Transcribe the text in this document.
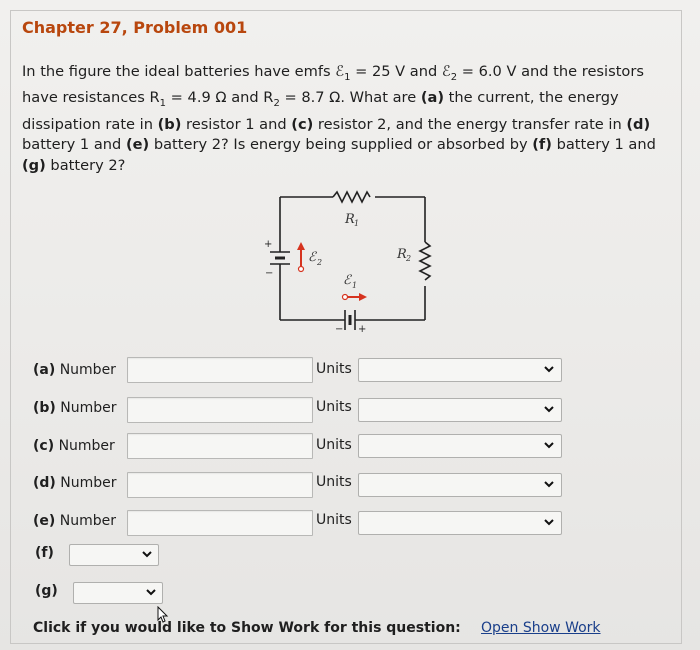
Chapter 27, Problem 001
In the figure the ideal batteries have emfs ℰ$_1$ = 25 V and ℰ$_2$ = 6.0 V and the resistors have resistances $R_1 = 4.9$ Ω and $R_2 = 8.7$ Ω. What are (a) the current, the energy dissipation rate in (b) resistor 1 and (c) resistor 2, and the energy transfer rate in (d) battery 1 and (e) battery 2? Is energy being supplied or absorbed by (f) battery 1 and (g) battery 2?
+
−
ℰ 2
− +
ℰ 1
R 1
R 2
(a) Number	Units
(b) Number	Units
(c) Number	Units
(d) Number	Units
(e) Number	Units
(f)
(g)
Click if you would like to Show Work for this question: Open Show Work
